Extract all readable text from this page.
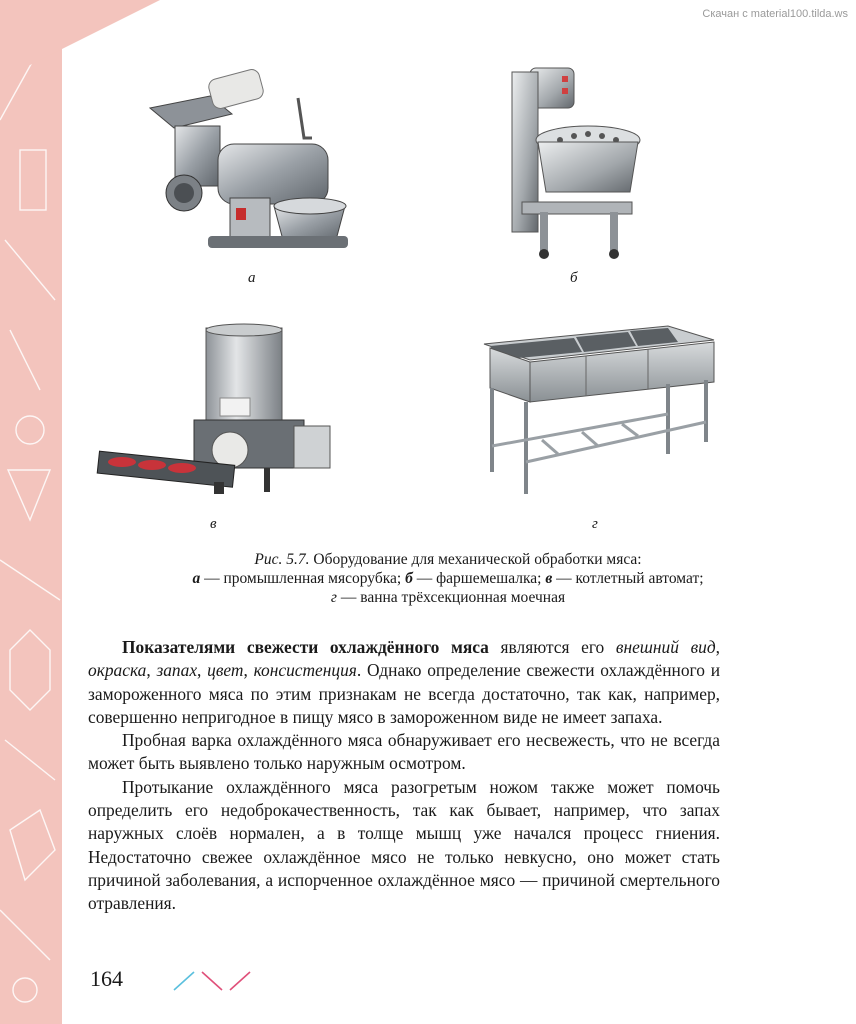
Скачан с material100.tilda.ws
а	б
в	г
Рис. 5.7. Оборудование для механической обработки мяса:
а — промышленная мясорубка; б — фаршемешалка; в — котлетный автомат;
г — ванна трёхсекционная моечная

Показателями свежести охлаждённого мяса являются его внешний вид, окраска, запах, цвет, консистенция. Однако определение свежести охлаждённого и замороженного мяса по этим признакам не всегда достаточно, так как, например, совершенно непригодное в пищу мясо в замороженном виде не имеет запаха.

Пробная варка охлаждённого мяса обнаруживает его несвежесть, что не всегда может быть выявлено только наружным осмотром.

Протыкание охлаждённого мяса разогретым ножом также может помочь определить его недоброкачественность, так как бывает, например, что запах наружных слоёв нормален, а в толще мышц уже начался процесс гниения. Недостаточно свежее охлаждённое мясо не только невкусно, оно может стать причиной заболевания, а испорченное охлаждённое мясо — причиной смертельного отравления.

164
